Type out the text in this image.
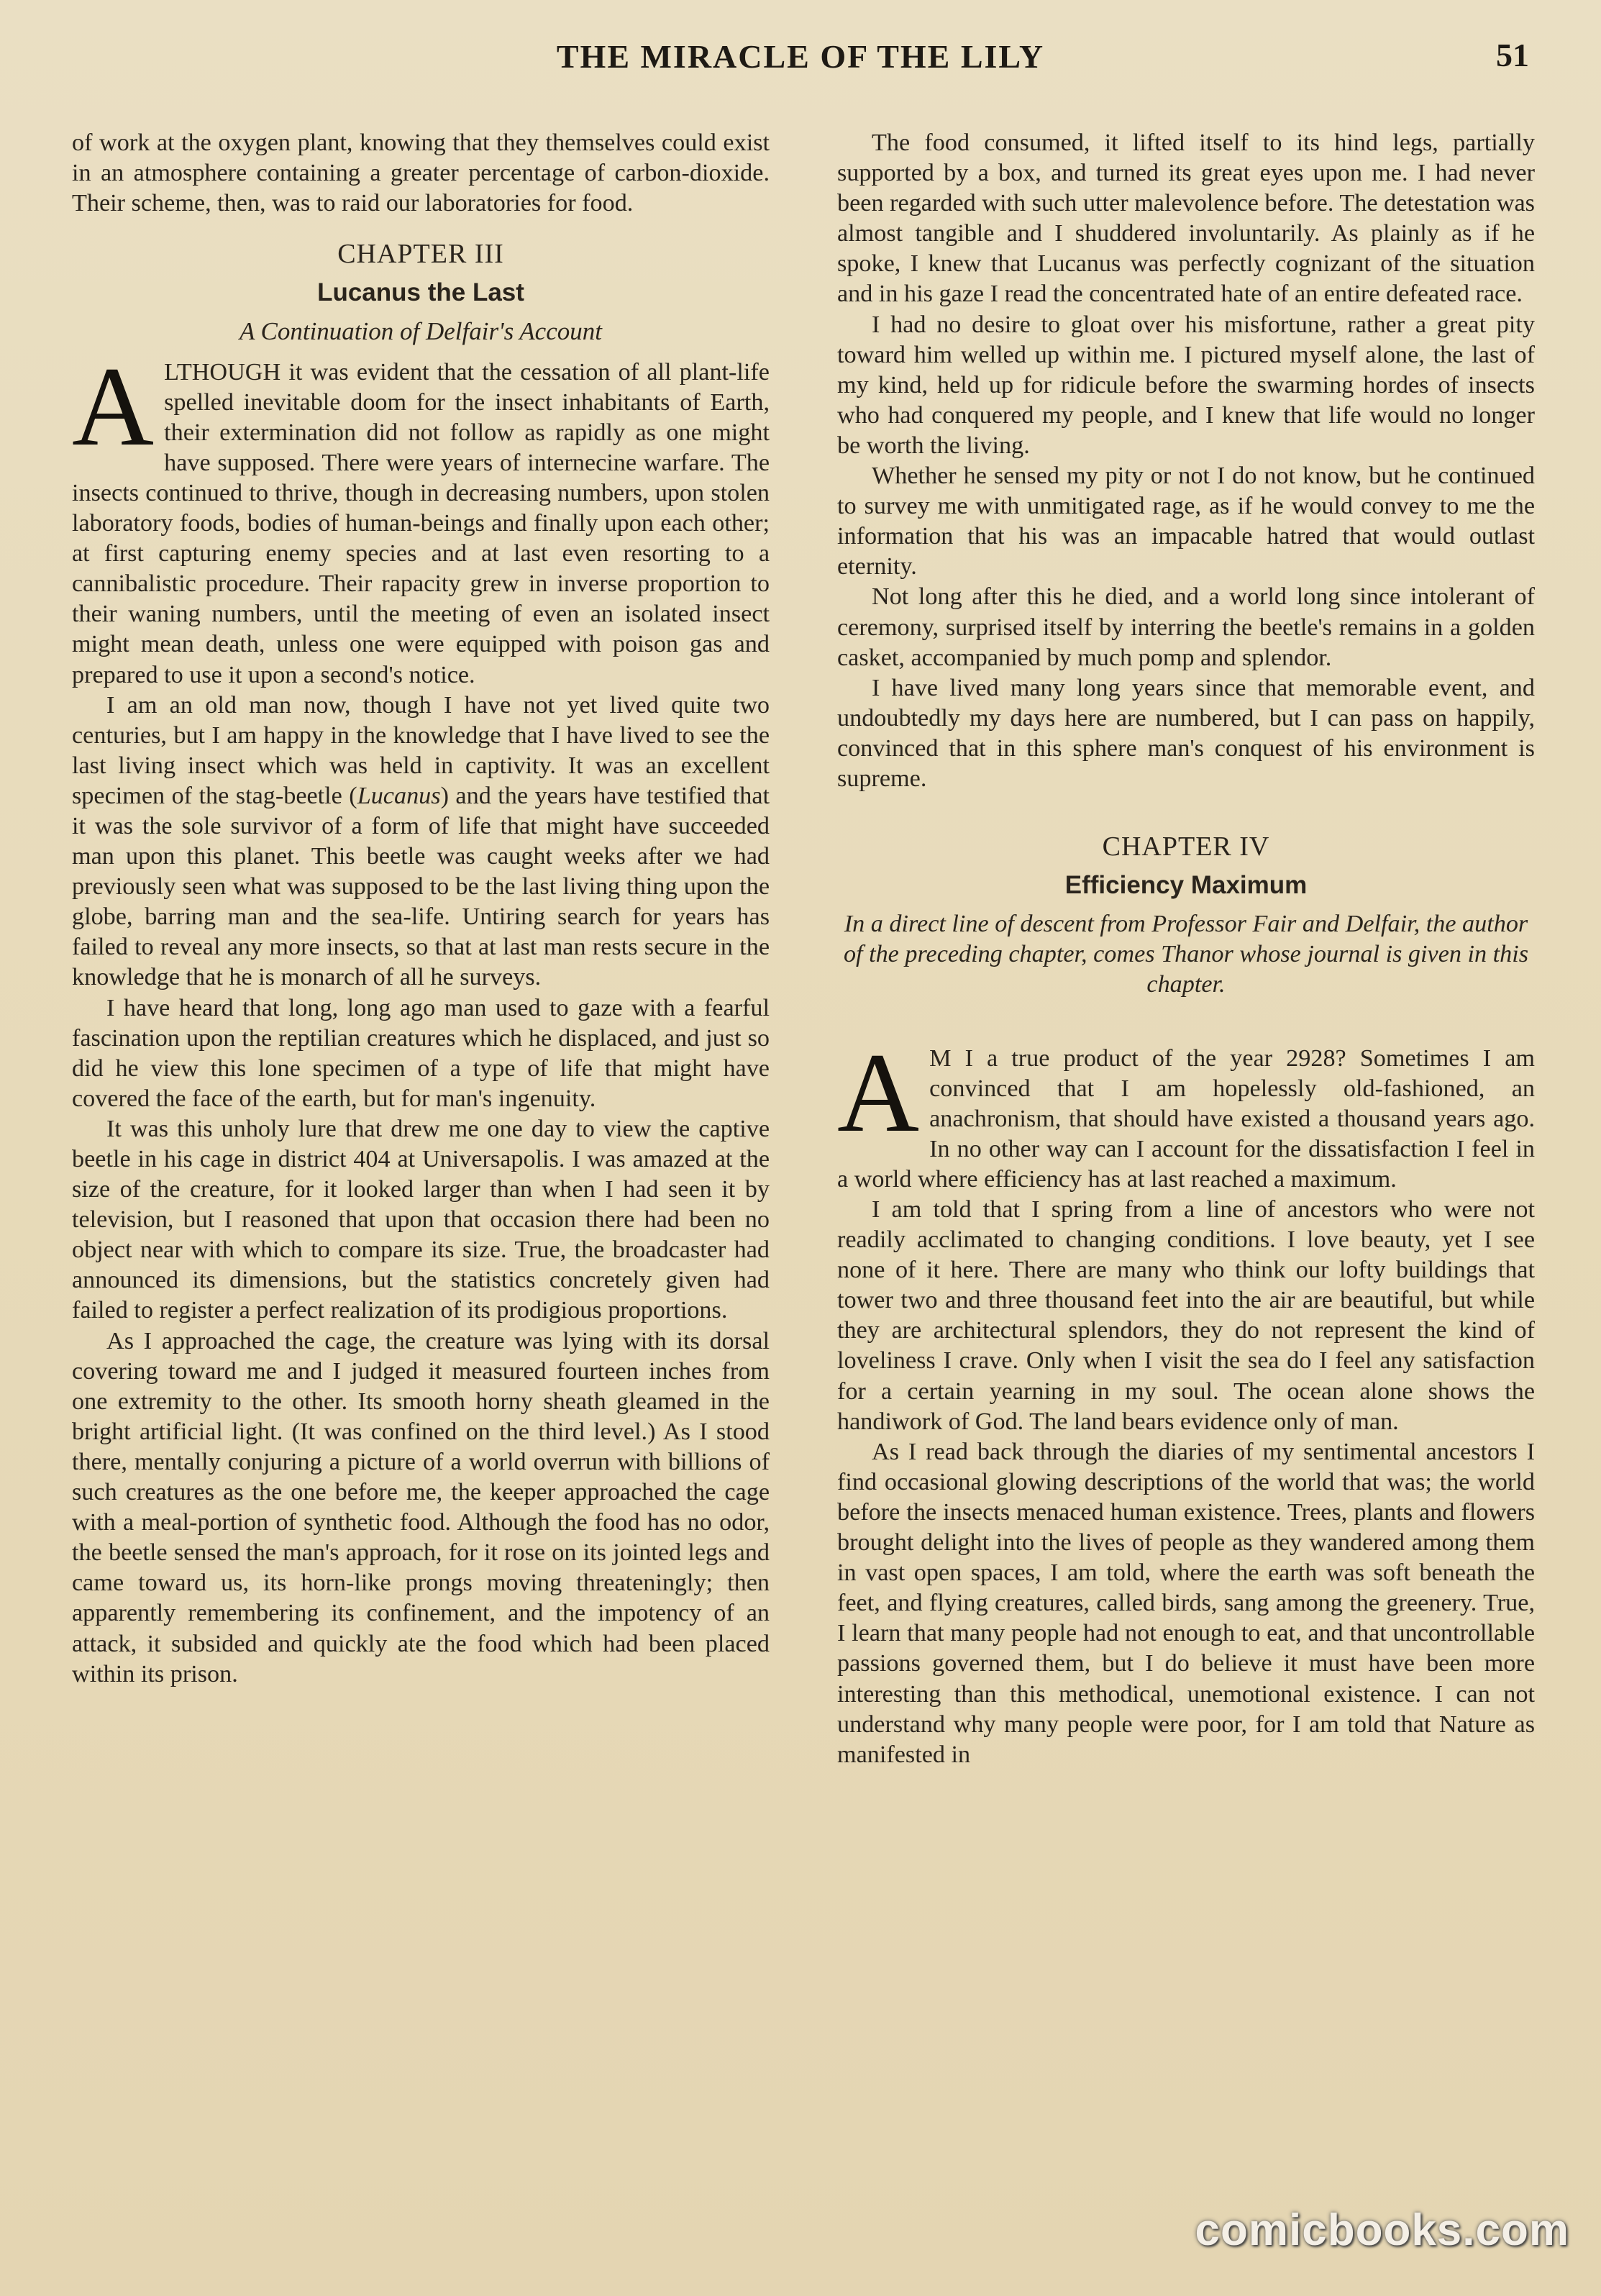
THE MIRACLE OF THE LILY	51

of work at the oxygen plant, knowing that they themselves could exist in an atmosphere containing a greater percentage of carbon-dioxide. Their scheme, then, was to raid our laboratories for food.

CHAPTER III
Lucanus the Last
A Continuation of Delfair's Account

ALTHOUGH it was evident that the cessation of all plant-life spelled inevitable doom for the insect inhabitants of Earth, their extermination did not follow as rapidly as one might have supposed. There were years of internecine warfare. The insects continued to thrive, though in decreasing numbers, upon stolen laboratory foods, bodies of human-beings and finally upon each other; at first capturing enemy species and at last even resorting to a cannibalistic procedure. Their rapacity grew in inverse proportion to their waning numbers, until the meeting of even an isolated insect might mean death, unless one were equipped with poison gas and prepared to use it upon a second's notice.

I am an old man now, though I have not yet lived quite two centuries, but I am happy in the knowledge that I have lived to see the last living insect which was held in captivity. It was an excellent specimen of the stag-beetle (Lucanus) and the years have testified that it was the sole survivor of a form of life that might have succeeded man upon this planet. This beetle was caught weeks after we had previously seen what was supposed to be the last living thing upon the globe, barring man and the sea-life. Untiring search for years has failed to reveal any more insects, so that at last man rests secure in the knowledge that he is monarch of all he surveys.

I have heard that long, long ago man used to gaze with a fearful fascination upon the reptilian creatures which he displaced, and just so did he view this lone specimen of a type of life that might have covered the face of the earth, but for man's ingenuity.

It was this unholy lure that drew me one day to view the captive beetle in his cage in district 404 at Universapolis. I was amazed at the size of the creature, for it looked larger than when I had seen it by television, but I reasoned that upon that occasion there had been no object near with which to compare its size. True, the broadcaster had announced its dimensions, but the statistics concretely given had failed to register a perfect realization of its prodigious proportions.

As I approached the cage, the creature was lying with its dorsal covering toward me and I judged it measured fourteen inches from one extremity to the other. Its smooth horny sheath gleamed in the bright artificial light. (It was confined on the third level.) As I stood there, mentally conjuring a picture of a world overrun with billions of such creatures as the one before me, the keeper approached the cage with a meal-portion of synthetic food. Although the food has no odor, the beetle sensed the man's approach, for it rose on its jointed legs and came toward us, its horn-like prongs moving threateningly; then apparently remembering its confinement, and the impotency of an attack, it subsided and quickly ate the food which had been placed within its prison.

The food consumed, it lifted itself to its hind legs, partially supported by a box, and turned its great eyes upon me. I had never been regarded with such utter malevolence before. The detestation was almost tangible and I shuddered involuntarily. As plainly as if he spoke, I knew that Lucanus was perfectly cognizant of the situation and in his gaze I read the concentrated hate of an entire defeated race.

I had no desire to gloat over his misfortune, rather a great pity toward him welled up within me. I pictured myself alone, the last of my kind, held up for ridicule before the swarming hordes of insects who had conquered my people, and I knew that life would no longer be worth the living.

Whether he sensed my pity or not I do not know, but he continued to survey me with unmitigated rage, as if he would convey to me the information that his was an impacable hatred that would outlast eternity.

Not long after this he died, and a world long since intolerant of ceremony, surprised itself by interring the beetle's remains in a golden casket, accompanied by much pomp and splendor.

I have lived many long years since that memorable event, and undoubtedly my days here are numbered, but I can pass on happily, convinced that in this sphere man's conquest of his environment is supreme.

CHAPTER IV
Efficiency Maximum
In a direct line of descent from Professor Fair and Delfair, the author of the preceding chapter, comes Thanor whose journal is given in this chapter.

A M I a true product of the year 2928? Sometimes I am convinced that I am hopelessly old-fashioned, an anachronism, that should have existed a thousand years ago. In no other way can I account for the dissatisfaction I feel in a world where efficiency has at last reached a maximum.

I am told that I spring from a line of ancestors who were not readily acclimated to changing conditions. I love beauty, yet I see none of it here. There are many who think our lofty buildings that tower two and three thousand feet into the air are beautiful, but while they are architectural splendors, they do not represent the kind of loveliness I crave. Only when I visit the sea do I feel any satisfaction for a certain yearning in my soul. The ocean alone shows the handiwork of God. The land bears evidence only of man.

As I read back through the diaries of my sentimental ancestors I find occasional glowing descriptions of the world that was; the world before the insects menaced human existence. Trees, plants and flowers brought delight into the lives of people as they wandered among them in vast open spaces, I am told, where the earth was soft beneath the feet, and flying creatures, called birds, sang among the greenery. True, I learn that many people had not enough to eat, and that uncontrollable passions governed them, but I do believe it must have been more interesting than this methodical, unemotional existence. I can not understand why many people were poor, for I am told that Nature as manifested in

comicbooks.com
